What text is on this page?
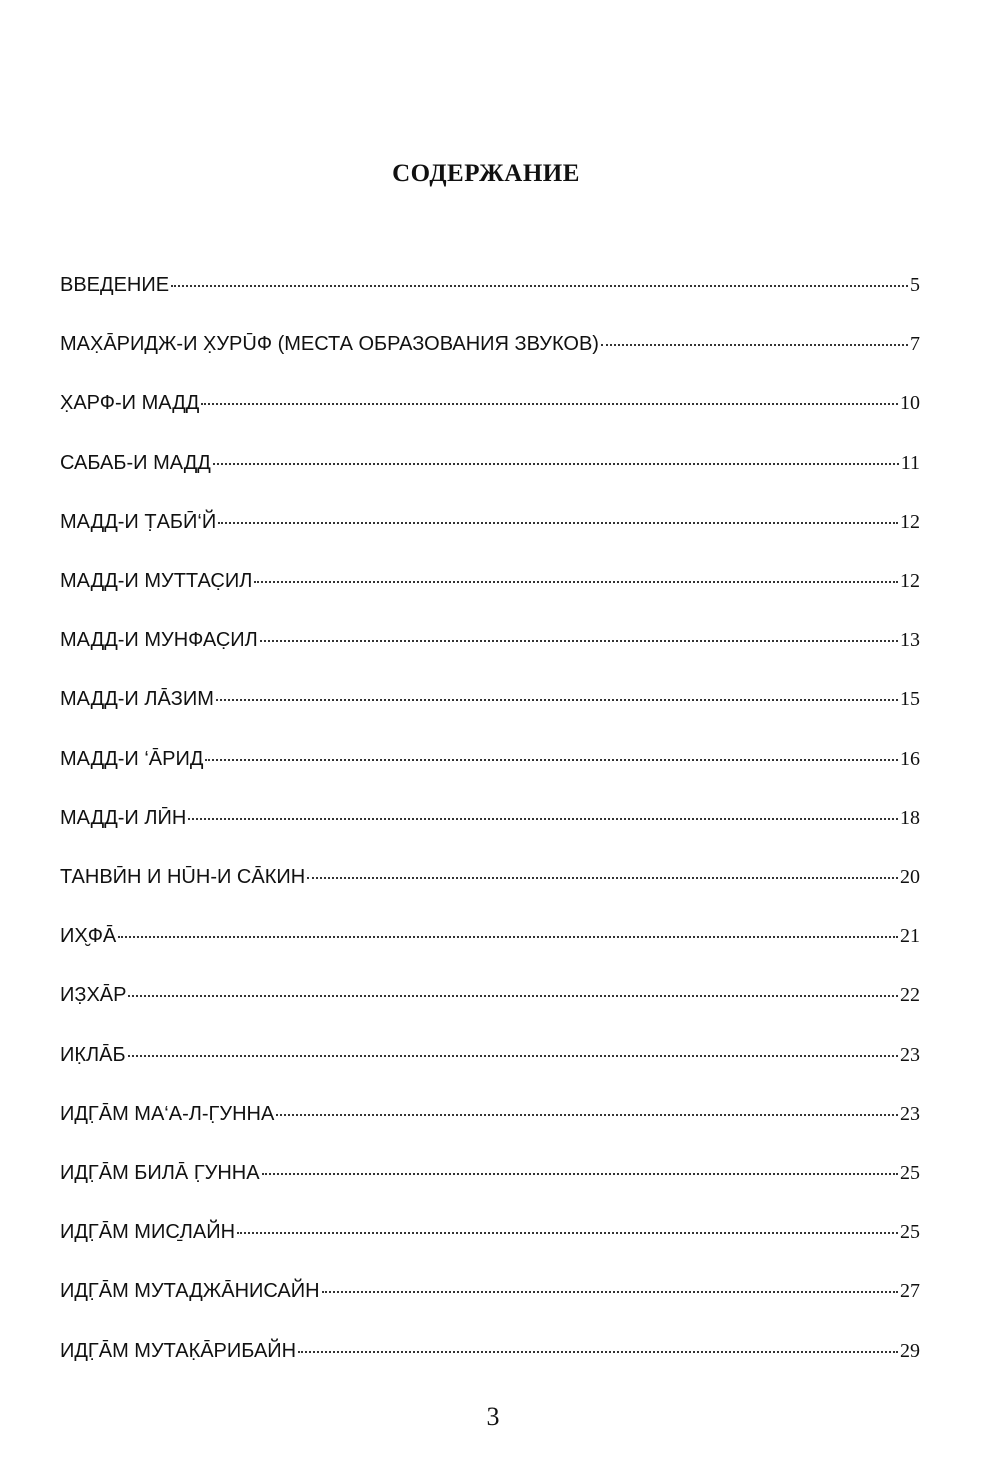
СОДЕРЖАНИЕ
ВВЕДЕНИЕ	5
МАХ̣ĀРИДЖ-И Х̣УРŪФ (МЕСТА ОБРАЗОВАНИЯ ЗВУКОВ)	7
Х̣АРФ-И МАДД	10
САБАБ-И МАДД	11
МАДД-И Т̣АБӢ‘Й	12
МАДД-И МУТТАС̣ИЛ	12
МАДД-И МУНФАС̣ИЛ	13
МАДД-И ЛĀЗИМ	15
МАДД-И ‘ĀРИД	16
МАДД-И ЛӢН	18
ТАНВӢН И НŪН-И СĀКИН	20
ИХ̮ФĀ	21
ИЗ̣ХĀР	22
ИК̣ЛĀБ	23
ИДГ̣ĀМ МА‘А-Л-Г̣УННА	23
ИДГ̣ĀМ БИЛĀ Г̣УННА	25
ИДГ̣ĀМ МИС̱ЛАЙН	25
ИДГ̣ĀМ МУТАДЖĀНИСАЙН	27
ИДГ̣ĀМ МУТАК̣ĀРИБАЙН	29
3
